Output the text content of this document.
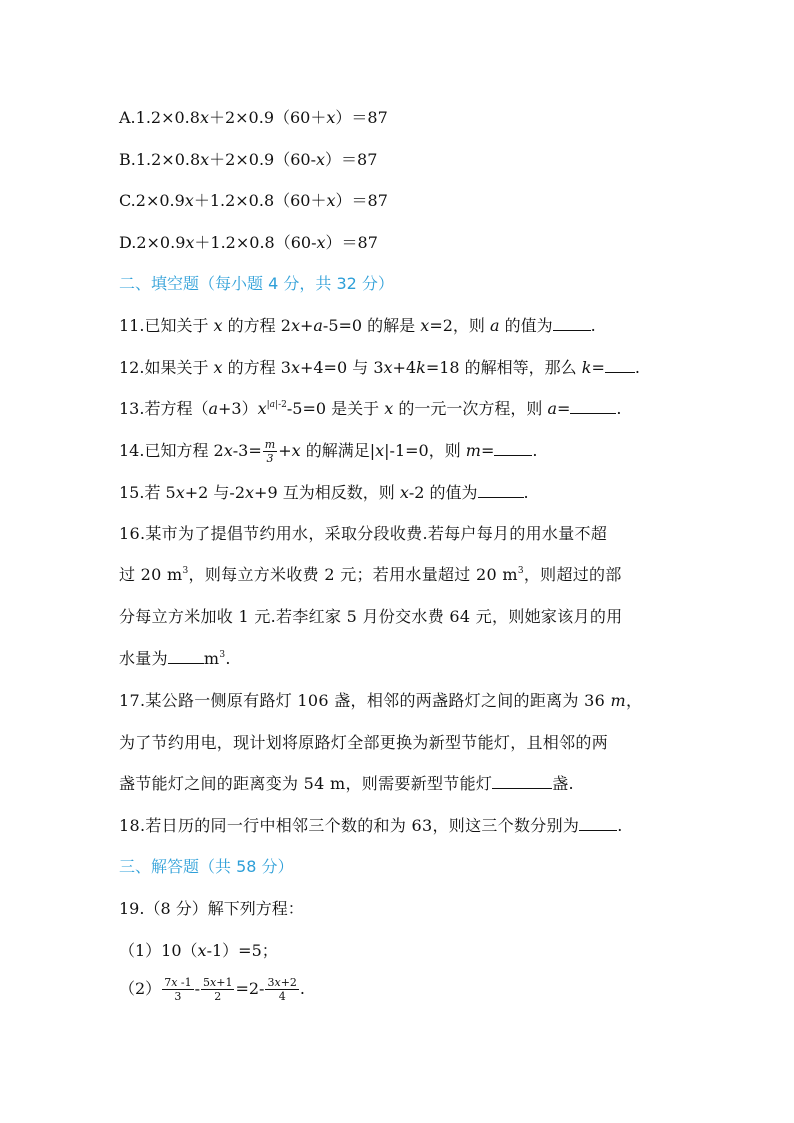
A.1.2×0.8x＋2×0.9（60＋x）＝87
B.1.2×0.8x＋2×0.9（60-x）＝87
C.2×0.9x＋1.2×0.8（60＋x）＝87
D.2×0.9x＋1.2×0.8（60-x）＝87
二、填空题（每小题 4 分，共 32 分）
11.已知关于 x 的方程 2x+a-5=0 的解是 x=2，则 a 的值为 .
12.如果关于 x 的方程 3x+4=0 与 3x+4k=18 的解相等，那么 k= .
13.若方程$(a+3)x^{|a|-2}-5=0$ 是关于 x 的一元一次方程，则 a=	.
14.已知方程 $2x-3= \frac{m}{3} +x$ 的解满足|x|-1=0，则 m= .
15.若 5x+2 与-2x+9 互为相反数，则 x-2 的值为	.
16.某市为了提倡节约用水，采取分段收费.若每户每月的用水量不超
过 20 $m^3$，则每立方米收费 2 元；若用水量超过 20 $m^3$，则超过的部
分每立方米加收 1 元.若李红家 5 月份交水费 64 元，则她家该月的用
水量为 $m^3$.
17.某公路一侧原有路灯 106 盏，相邻的两盏路灯之间的距离为 36 m，
为了节约用电，现计划将原路灯全部更换为新型节能灯，且相邻的两
盏节能灯之间的距离变为 54 m，则需要新型节能灯	盏.
18.若日历的同一行中相邻三个数的和为 63，则这三个数分别为 .
三、解答题（共 58 分）
19.（8 分）解下列方程：
（1）10（x-1）=5；
$(2) \frac{7x -1}{3} - \frac{5x+1}{2} =2- \frac{3x+2}{4}$ .
